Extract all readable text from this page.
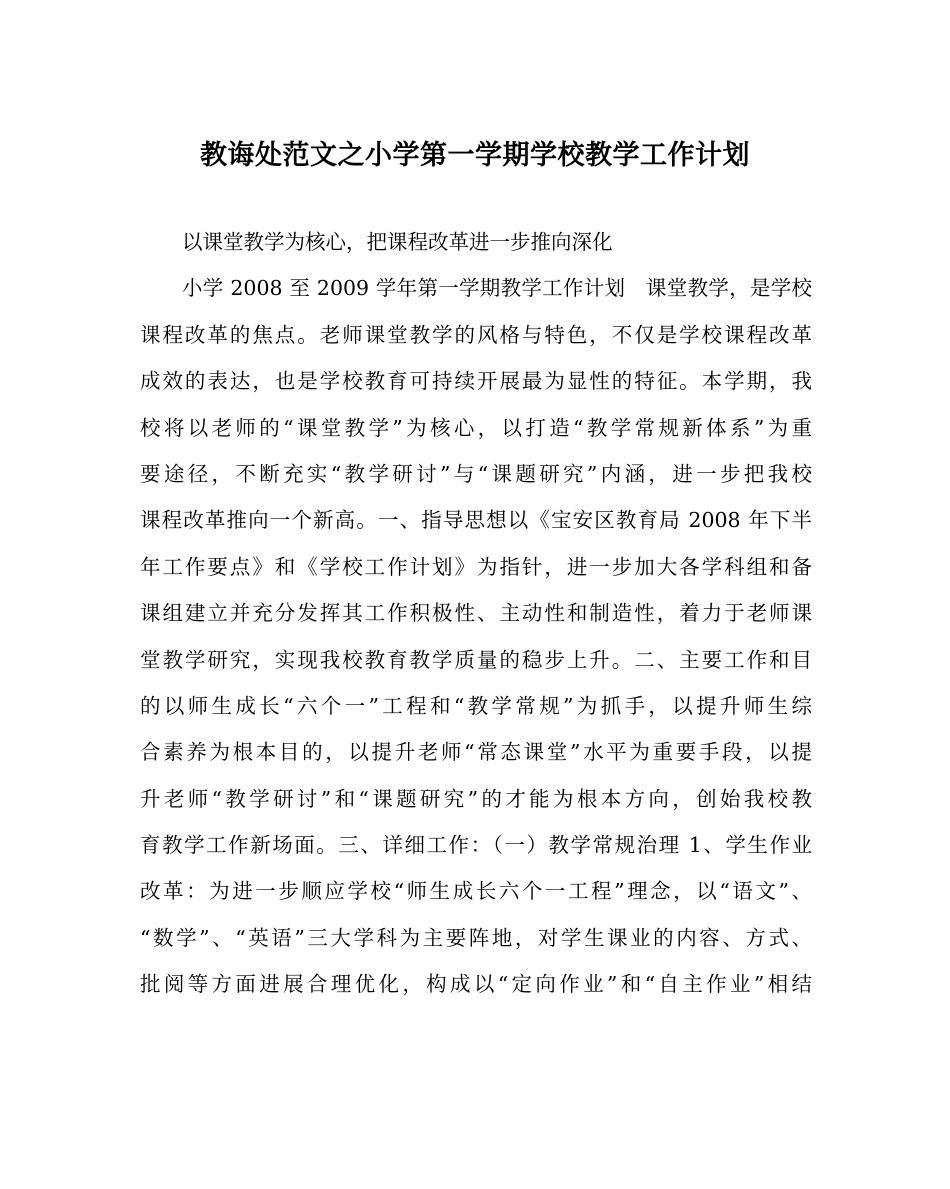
教诲处范文之小学第一学期学校教学工作计划
以课堂教学为核心，把课程改革进一步推向深化
小学 2008 至 2009 学年第一学期教学工作计划　课堂教学，是学校
课程改革的焦点。老师课堂教学的风格与特色，不仅是学校课程改革
成效的表达，也是学校教育可持续开展最为显性的特征。本学期，我
校将以老师的“课堂教学”为核心，以打造“教学常规新体系”为重
要途径，不断充实“教学研讨”与“课题研究”内涵，进一步把我校
课程改革推向一个新高。一、指导思想以《宝安区教育局 2008 年下半
年工作要点》和《学校工作计划》为指针，进一步加大各学科组和备
课组建立并充分发挥其工作积极性、主动性和制造性，着力于老师课
堂教学研究，实现我校教育教学质量的稳步上升。二、主要工作和目
的以师生成长“六个一”工程和“教学常规”为抓手，以提升师生综
合素养为根本目的，以提升老师“常态课堂”水平为重要手段，以提
升老师“教学研讨”和“课题研究”的才能为根本方向，创始我校教
育教学工作新场面。三、详细工作：（一）教学常规治理 1、学生作业
改革：为进一步顺应学校“师生成长六个一工程”理念，以“语文”、
“数学”、“英语”三大学科为主要阵地，对学生课业的内容、方式、
批阅等方面进展合理优化，构成以“定向作业”和“自主作业”相结
